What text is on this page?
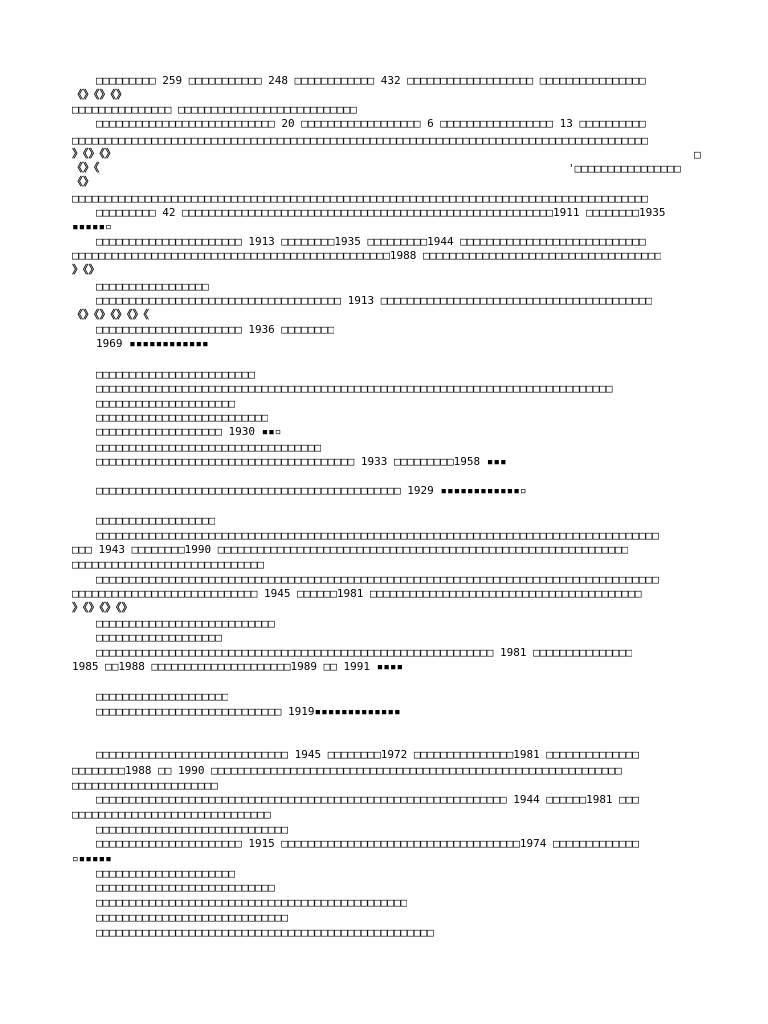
□□□□□□□□□ 259 □□□□□□□□□□□ 248 □□□□□□□□□□□□ 432 □□□□□□□□□□□□□□□□□□□ □□□□□□□□□□□□□□□□
《》《》《》
□□□□□□□□□□□□□□□ □□□□□□□□□□□□□□□□□□□□□□□□□□□
□□□□□□□□□□□□□□□□□□□□□□□□□□□ 20 □□□□□□□□□□□□□□□□□□ 6 □□□□□□□□□□□□□□□□□ 13 □□□□□□□□□□
□□□□□□□□□□□□□□□□□□□□□□□□□□□□□□□□□□□□□□□□□□□□□□□□□□□□□□□□□□□□□□□□□□□□□□□□□□□□□□□□□□□□□□□
》《》《》	□
《》《	'□□□□□□□□□□□□□□□□
《》
□□□□□□□□□□□□□□□□□□□□□□□□□□□□□□□□□□□□□□□□□□□□□□□□□□□□□□□□□□□□□□□□□□□□□□□□□□□□□□□□□□□□□□□
□□□□□□□□□ 42 □□□□□□□□□□□□□□□□□□□□□□□□□□□□□□□□□□□□□□□□□□□□□□□□□□□□□□□□1911 □□□□□□□□1935
▪▪▪▪▪▫
□□□□□□□□□□□□□□□□□□□□□□ 1913 □□□□□□□□1935 □□□□□□□□□1944 □□□□□□□□□□□□□□□□□□□□□□□□□□□□
□□□□□□□□□□□□□□□□□□□□□□□□□□□□□□□□□□□□□□□□□□□□□□□□1988 □□□□□□□□□□□□□□□□□□□□□□□□□□□□□□□□□□□□
》《》
□□□□□□□□□□□□□□□□□
□□□□□□□□□□□□□□□□□□□□□□□□□□□□□□□□□□□□□ 1913 □□□□□□□□□□□□□□□□□□□□□□□□□□□□□□□□□□□□□□□□□
《》《》《》《》《
□□□□□□□□□□□□□□□□□□□□□□ 1936 □□□□□□□□
1969 ▪▪▪▪▪▪▪▪▪▪▪▪
□□□□□□□□□□□□□□□□□□□□□□□□
□□□□□□□□□□□□□□□□□□□□□□□□□□□□□□□□□□□□□□□□□□□□□□□□□□□□□□□□□□□□□□□□□□□□□□□□□□□□□□
□□□□□□□□□□□□□□□□□□□□□
□□□□□□□□□□□□□□□□□□□□□□□□□□
□□□□□□□□□□□□□□□□□□□ 1930 ▪▪▫
□□□□□□□□□□□□□□□□□□□□□□□□□□□□□□□□□□
□□□□□□□□□□□□□□□□□□□□□□□□□□□□□□□□□□□□□□□ 1933 □□□□□□□□□1958 ▪▪▪
□□□□□□□□□□□□□□□□□□□□□□□□□□□□□□□□□□□□□□□□□□□□□□ 1929 ▪▪▪▪▪▪▪▪▪▪▪▪▫
□□□□□□□□□□□□□□□□□□
□□□□□□□□□□□□□□□□□□□□□□□□□□□□□□□□□□□□□□□□□□□□□□□□□□□□□□□□□□□□□□□□□□□□□□□□□□□□□□□□□□□□□
□□□ 1943 □□□□□□□□1990 □□□□□□□□□□□□□□□□□□□□□□□□□□□□□□□□□□□□□□□□□□□□□□□□□□□□□□□□□□□□□□
□□□□□□□□□□□□□□□□□□□□□□□□□□□□□
□□□□□□□□□□□□□□□□□□□□□□□□□□□□□□□□□□□□□□□□□□□□□□□□□□□□□□□□□□□□□□□□□□□□□□□□□□□□□□□□□□□□□
□□□□□□□□□□□□□□□□□□□□□□□□□□□□ 1945 □□□□□□1981 □□□□□□□□□□□□□□□□□□□□□□□□□□□□□□□□□□□□□□□□□
》《》《》《》
□□□□□□□□□□□□□□□□□□□□□□□□□□□
□□□□□□□□□□□□□□□□□□□
□□□□□□□□□□□□□□□□□□□□□□□□□□□□□□□□□□□□□□□□□□□□□□□□□□□□□□□□□□□□ 1981 □□□□□□□□□□□□□□□
1985 □□1988 □□□□□□□□□□□□□□□□□□□□□1989 □□ 1991 ▪▪▪▪
□□□□□□□□□□□□□□□□□□□□
□□□□□□□□□□□□□□□□□□□□□□□□□□□□ 1919▪▪▪▪▪▪▪▪▪▪▪▪▪
□□□□□□□□□□□□□□□□□□□□□□□□□□□□□ 1945 □□□□□□□□1972 □□□□□□□□□□□□□□□1981 □□□□□□□□□□□□□□
□□□□□□□□1988 □□ 1990 □□□□□□□□□□□□□□□□□□□□□□□□□□□□□□□□□□□□□□□□□□□□□□□□□□□□□□□□□□□□□□
□□□□□□□□□□□□□□□□□□□□□□
□□□□□□□□□□□□□□□□□□□□□□□□□□□□□□□□□□□□□□□□□□□□□□□□□□□□□□□□□□□□□□ 1944 □□□□□□1981 □□□
□□□□□□□□□□□□□□□□□□□□□□□□□□□□□□
□□□□□□□□□□□□□□□□□□□□□□□□□□□□□
□□□□□□□□□□□□□□□□□□□□□□ 1915 □□□□□□□□□□□□□□□□□□□□□□□□□□□□□□□□□□□□1974 □□□□□□□□□□□□□
▫▪▪▪▪▪
□□□□□□□□□□□□□□□□□□□□□
□□□□□□□□□□□□□□□□□□□□□□□□□□□
□□□□□□□□□□□□□□□□□□□□□□□□□□□□□□□□□□□□□□□□□□□□□□□
□□□□□□□□□□□□□□□□□□□□□□□□□□□□□
□□□□□□□□□□□□□□□□□□□□□□□□□□□□□□□□□□□□□□□□□□□□□□□□□□□
